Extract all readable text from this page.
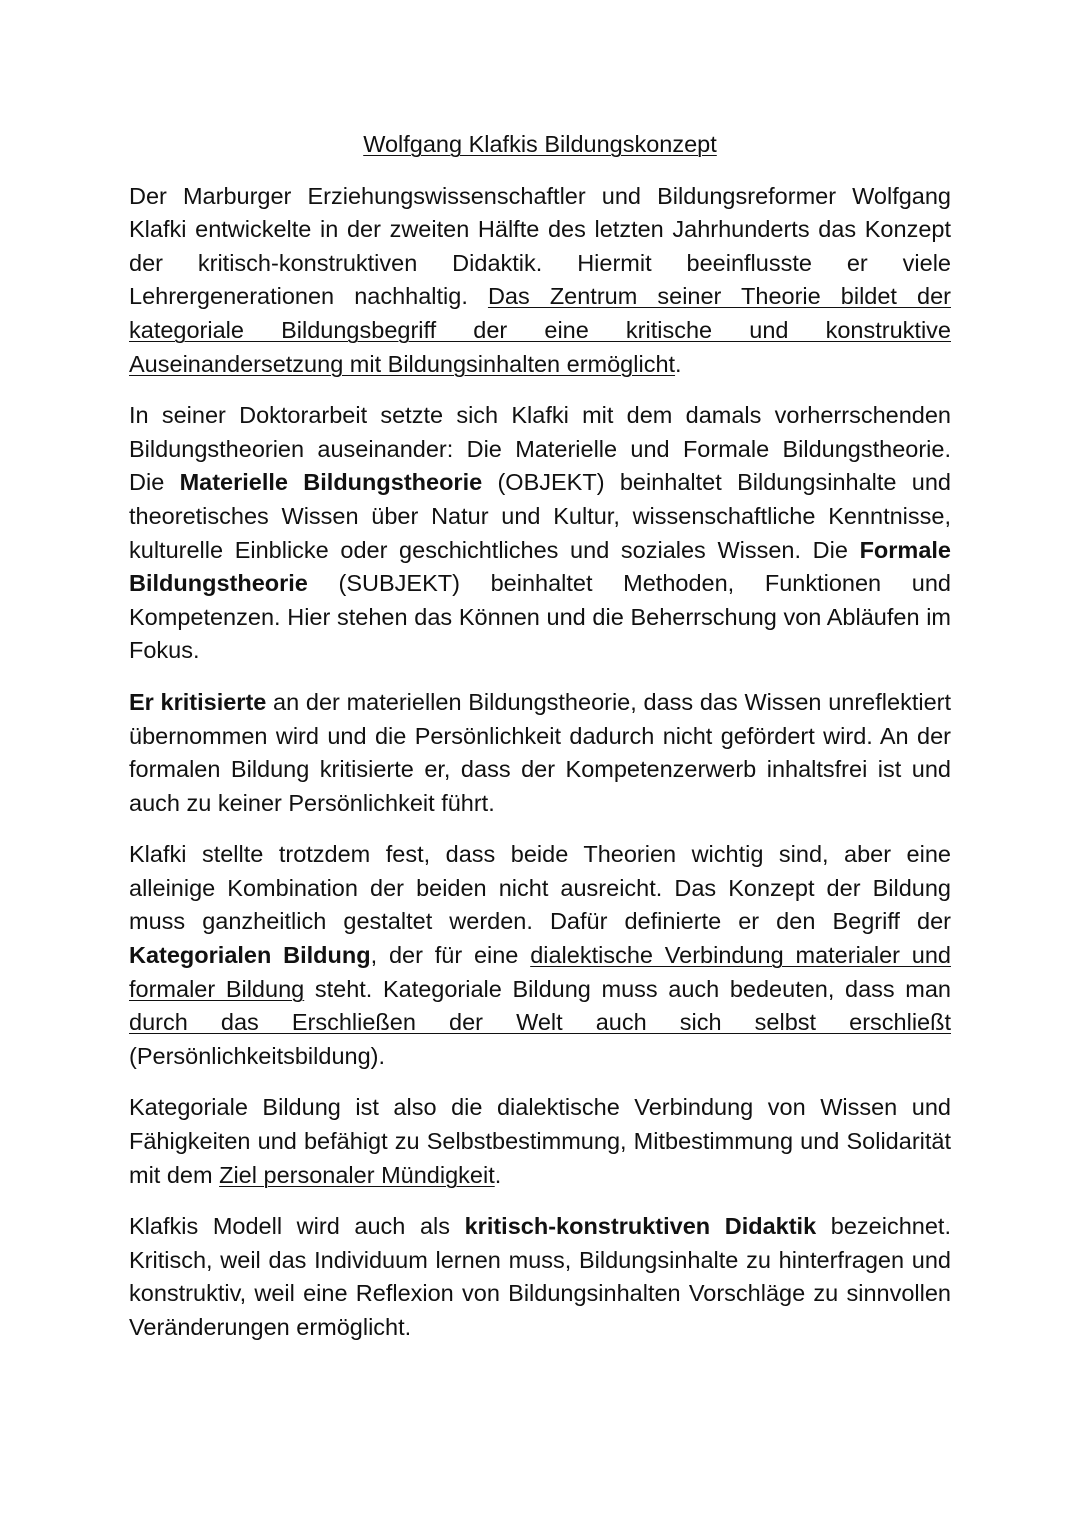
Wolfgang Klafkis Bildungskonzept

Der Marburger Erziehungswissenschaftler und Bildungsreformer Wolfgang Klafki entwickelte in der zweiten Hälfte des letzten Jahrhunderts das Konzept der kritisch-konstruktiven Didaktik. Hiermit beeinflusste er viele Lehrergenerationen nachhaltig. Das Zentrum seiner Theorie bildet der kategoriale Bildungsbegriff der eine kritische und konstruktive Auseinandersetzung mit Bildungsinhalten ermöglicht.

In seiner Doktorarbeit setzte sich Klafki mit dem damals vorherrschenden Bildungstheorien auseinander: Die Materielle und Formale Bildungstheorie. Die Materielle Bildungstheorie (OBJEKT) beinhaltet Bildungsinhalte und theoretisches Wissen über Natur und Kultur, wissenschaftliche Kenntnisse, kulturelle Einblicke oder geschichtliches und soziales Wissen. Die Formale Bildungstheorie (SUBJEKT) beinhaltet Methoden, Funktionen und Kompetenzen. Hier stehen das Können und die Beherrschung von Abläufen im Fokus.

Er kritisierte an der materiellen Bildungstheorie, dass das Wissen unreflektiert übernommen wird und die Persönlichkeit dadurch nicht gefördert wird. An der formalen Bildung kritisierte er, dass der Kompetenzerwerb inhaltsfrei ist und auch zu keiner Persönlichkeit führt.

Klafki stellte trotzdem fest, dass beide Theorien wichtig sind, aber eine alleinige Kombination der beiden nicht ausreicht. Das Konzept der Bildung muss ganzheitlich gestaltet werden. Dafür definierte er den Begriff der Kategorialen Bildung, der für eine dialektische Verbindung materialer und formaler Bildung steht. Kategoriale Bildung muss auch bedeuten, dass man durch das Erschließen der Welt auch sich selbst erschließt (Persönlichkeitsbildung).

Kategoriale Bildung ist also die dialektische Verbindung von Wissen und Fähigkeiten und befähigt zu Selbstbestimmung, Mitbestimmung und Solidarität mit dem Ziel personaler Mündigkeit.

Klafkis Modell wird auch als kritisch-konstruktiven Didaktik bezeichnet. Kritisch, weil das Individuum lernen muss, Bildungsinhalte zu hinterfragen und konstruktiv, weil eine Reflexion von Bildungsinhalten Vorschläge zu sinnvollen Veränderungen ermöglicht.
